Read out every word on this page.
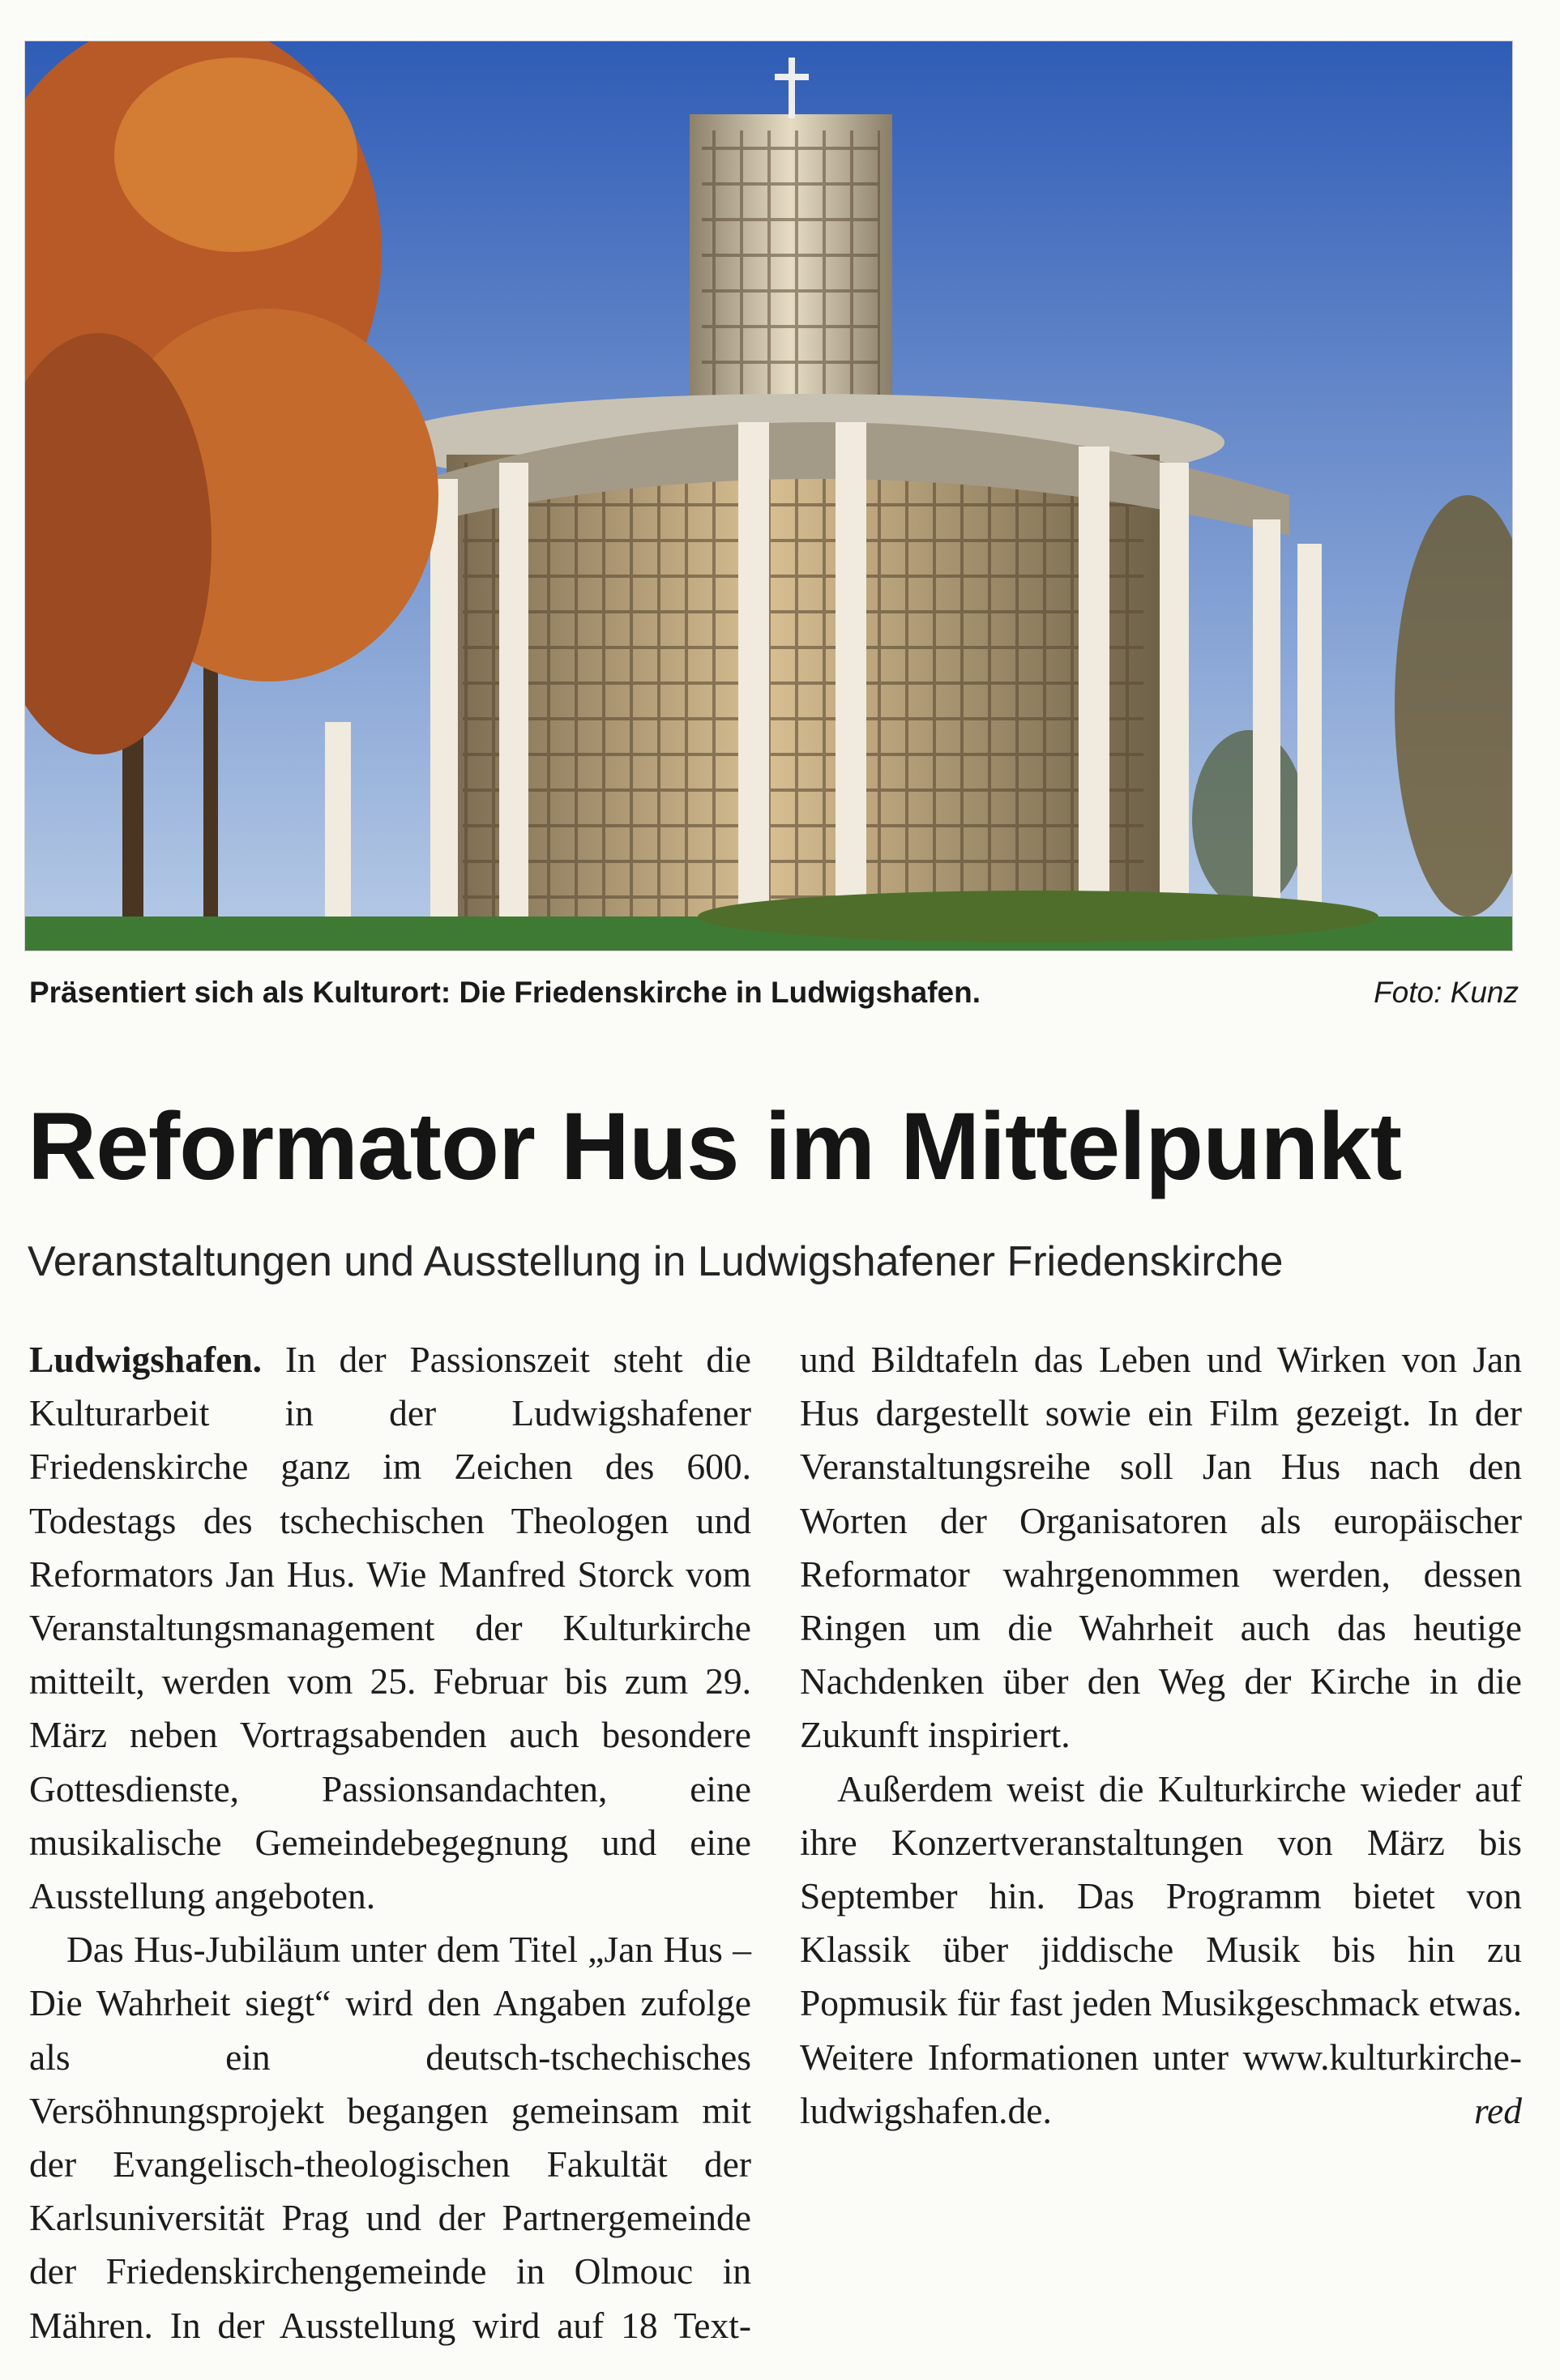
Präsentiert sich als Kulturort: Die Friedenskirche in Ludwigshafen.	Foto: Kunz
Reformator Hus im Mittelpunkt
Veranstaltungen und Ausstellung in Ludwigshafener Friedenskirche

Ludwigshafen. In der Passionszeit steht die Kulturarbeit in der Ludwigshafener Friedenskirche ganz im Zeichen des 600. Todestags des tschechischen Theologen und Reformators Jan Hus. Wie Manfred Storck vom Veranstaltungsmanagement der Kulturkirche mitteilt, werden vom 25. Februar bis zum 29. März neben Vortragsabenden auch besondere Gottesdienste, Passionsandachten, eine musikalische Gemeindebegegnung und eine Ausstellung angeboten.

Das Hus-Jubiläum unter dem Titel „Jan Hus – Die Wahrheit siegt“ wird den Angaben zufolge als ein deutsch-tschechisches Versöhnungsprojekt begangen gemeinsam mit der Evangelisch-theologischen Fakultät der Karlsuniversität Prag und der Partnergemeinde der Friedenskirchengemeinde in Olmouc in Mähren. In der Ausstellung wird auf 18 Text- und Bildtafeln das Leben und Wirken von Jan Hus dargestellt sowie ein Film gezeigt. In der Veranstaltungsreihe soll Jan Hus nach den Worten der Organisatoren als europäischer Reformator wahrgenommen werden, dessen Ringen um die Wahrheit auch das heutige Nachdenken über den Weg der Kirche in die Zukunft inspiriert.

Außerdem weist die Kulturkirche wieder auf ihre Konzertveranstaltungen von März bis September hin. Das Programm bietet von Klassik über jiddische Musik bis hin zu Popmusik für fast jeden Musikgeschmack etwas. Weitere Informationen unter www.kulturkirche-ludwigshafen.de.	red
